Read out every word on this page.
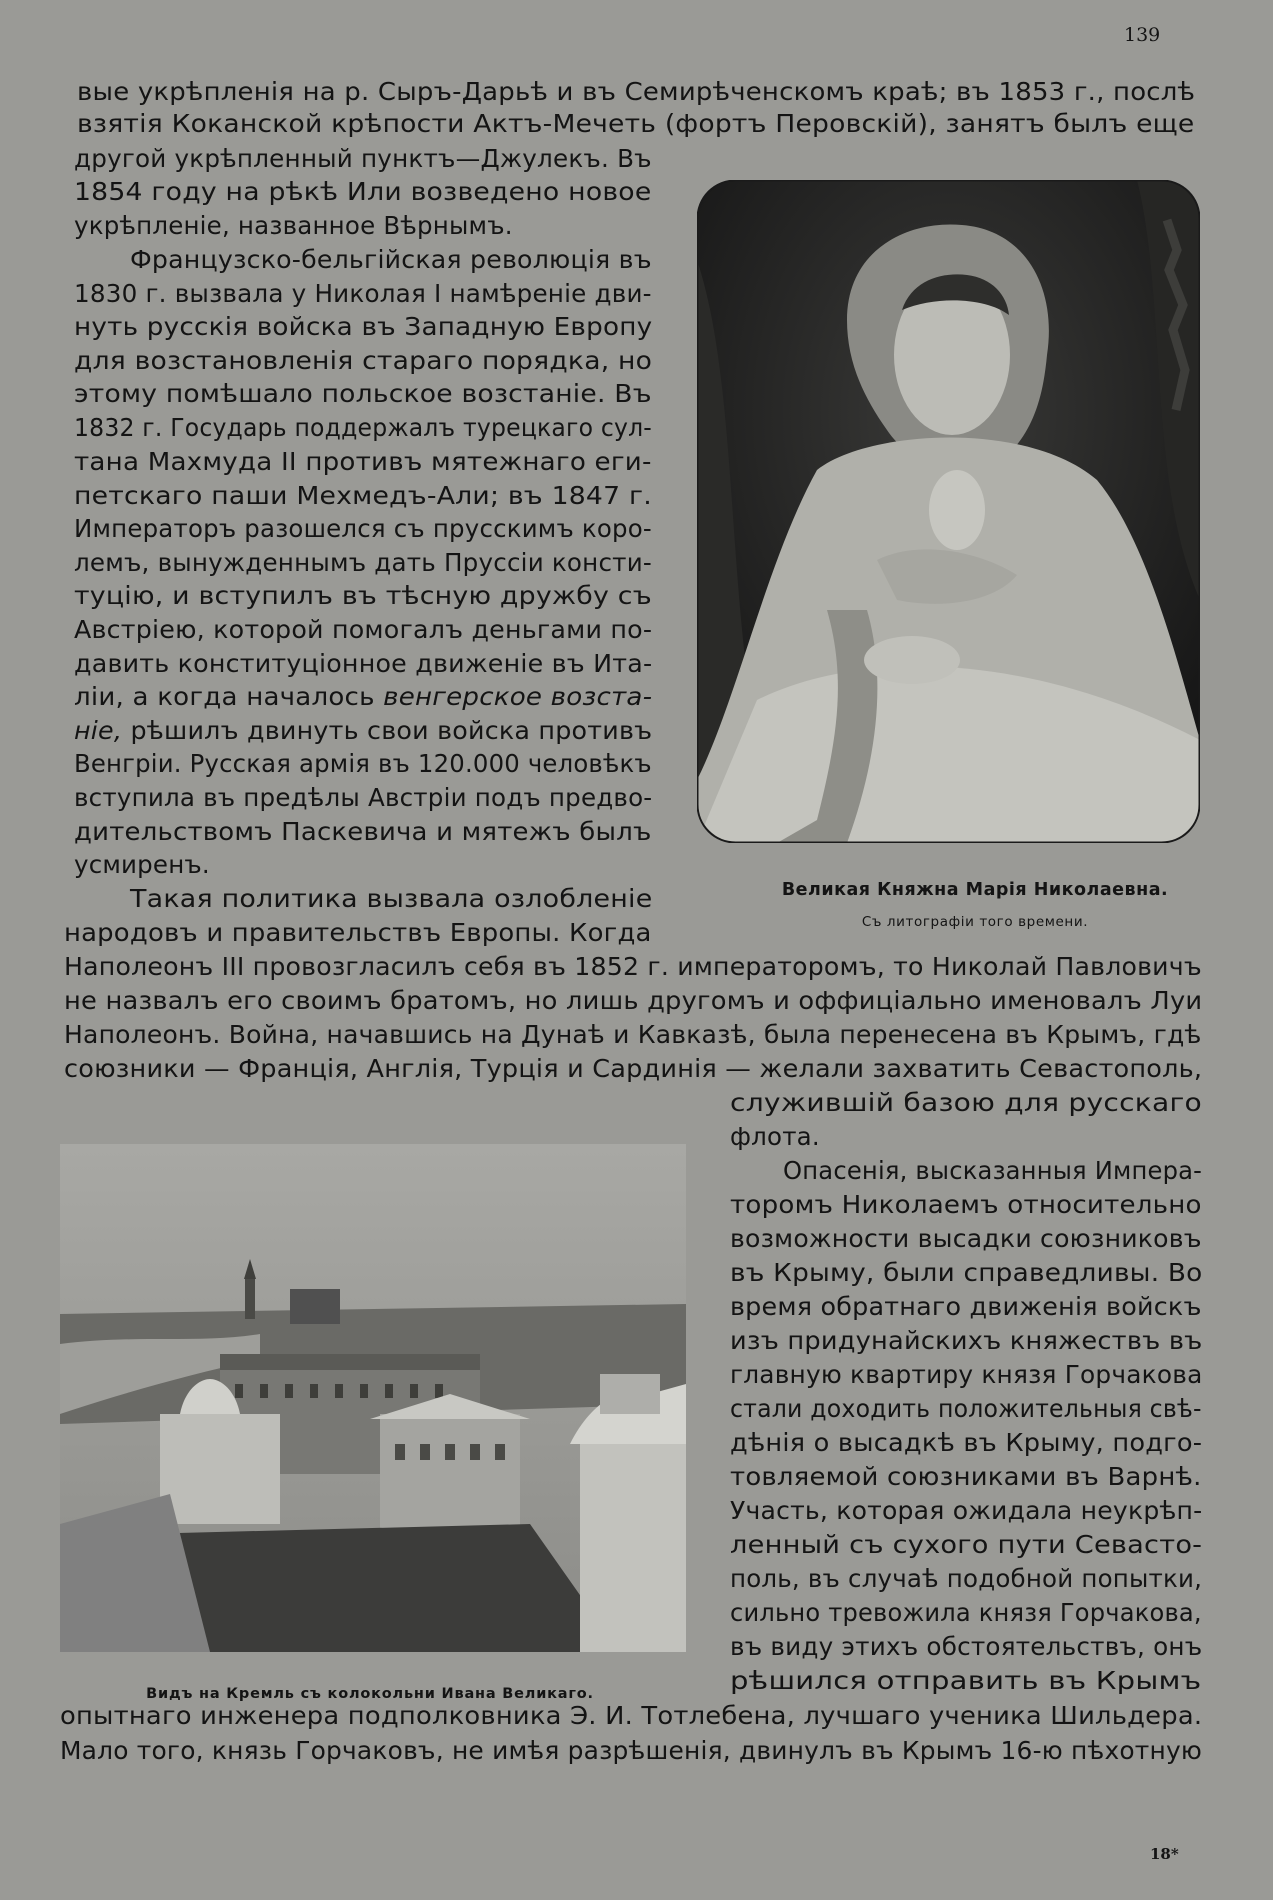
139
вые укрѣпленія на р. Сыръ-Дарьѣ и въ Семирѣченскомъ краѣ; въ 1853 г., послѣ
взятія Коканской крѣпости Актъ-Мечеть (фортъ Перовскій), занятъ былъ еще
другой укрѣпленный пунктъ—Джулекъ. Въ
1854 году на рѣкѣ Или возведено новое
укрѣпленіе, названное Вѣрнымъ.
Французско-бельгійская революція въ
1830 г. вызвала у Николая I намѣреніе дви-
нуть русскія войска въ Западную Европу
для возстановленія стараго порядка, но
этому помѣшало польское возстаніе. Въ
1832 г. Государь поддержалъ турецкаго сул-
тана Махмуда II противъ мятежнаго еги-
петскаго паши Мехмедъ-Али; въ 1847 г.
Императоръ разошелся съ прусскимъ коро-
лемъ, вынужденнымъ дать Пруссіи консти-
туцію, и вступилъ въ тѣсную дружбу съ
Австріею, которой помогалъ деньгами по-
давить конституціонное движеніе въ Ита-
ліи, а когда началось венгерское возста-
ніе, рѣшилъ двинуть свои войска противъ
Венгріи. Русская армія въ 120.000 человѣкъ
вступила въ предѣлы Австріи подъ предво-
дительствомъ Паскевича и мятежъ былъ
усмиренъ.
Такая политика вызвала озлобленіе
народовъ и правительствъ Европы. Когда
Наполеонъ III провозгласилъ себя въ 1852 г. императоромъ, то Николай Павловичъ
не назвалъ его своимъ братомъ, но лишь другомъ и оффиціально именовалъ Луи
Наполеонъ. Война, начавшись на Дунаѣ и Кавказѣ, была перенесена въ Крымъ, гдѣ
союзники — Франція, Англія, Турція и Сардинія — желали захватить Севастополь,
служившій базою для русскаго
флота.
Опасенія, высказанныя Импера-
торомъ Николаемъ относительно
возможности высадки союзниковъ
въ Крыму, были справедливы. Во
время обратнаго движенія войскъ
изъ придунайскихъ княжествъ въ
главную квартиру князя Горчакова
стали доходить положительныя свѣ-
дѣнія о высадкѣ въ Крыму, подго-
товляемой союзниками въ Варнѣ.
Участь, которая ожидала неукрѣп-
ленный съ сухого пути Севасто-
поль, въ случаѣ подобной попытки,
сильно тревожила князя Горчакова,
въ виду этихъ обстоятельствъ, онъ
рѣшился отправить въ Крымъ
опытнаго инженера подполковника Э. И. Тотлебена, лучшаго ученика Шильдера.
Мало того, князь Горчаковъ, не имѣя разрѣшенія, двинулъ въ Крымъ 16-ю пѣхотную
Великая Княжна Марія Николаевна.
Съ литографіи того времени.
Видъ на Кремль съ колокольни Ивана Великаго.
18*
